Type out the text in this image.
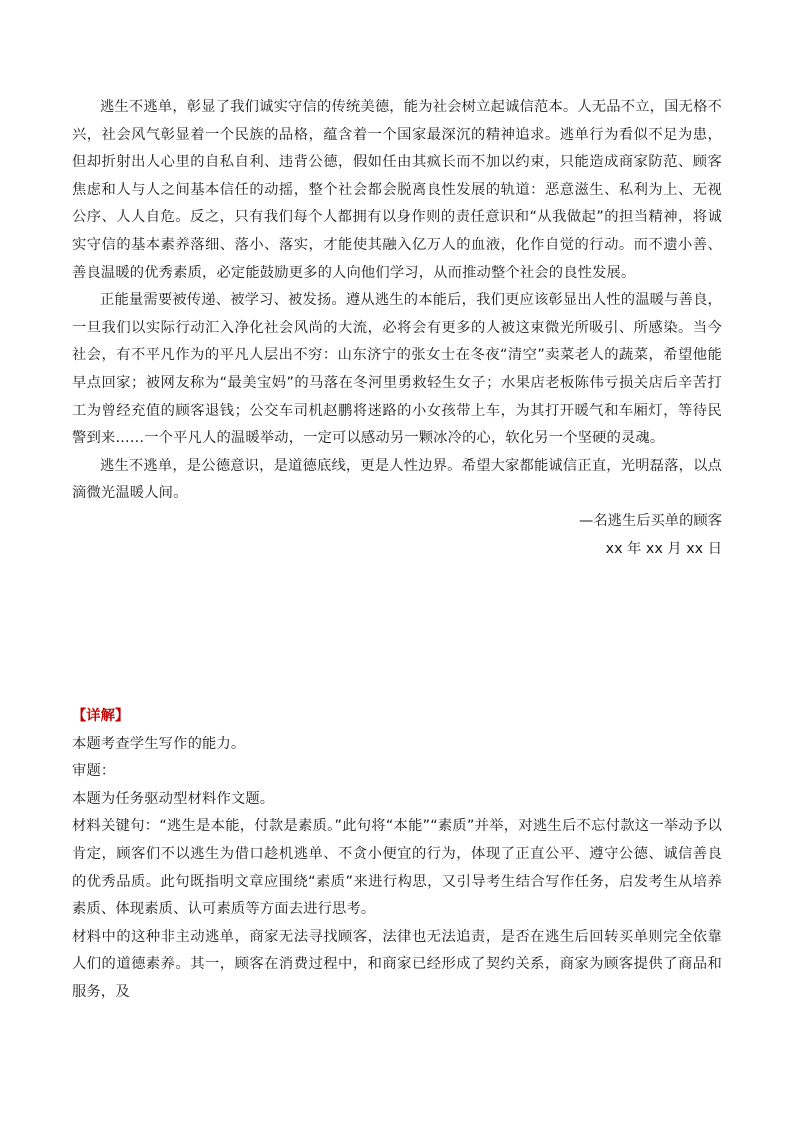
逃生不逃单，彰显了我们诚实守信的传统美德，能为社会树立起诚信范本。人无品不立，国无格不兴，社会风气彰显着一个民族的品格，蕴含着一个国家最深沉的精神追求。逃单行为看似不足为患，但却折射出人心里的自私自利、违背公德，假如任由其疯长而不加以约束，只能造成商家防范、顾客焦虑和人与人之间基本信任的动摇，整个社会都会脱离良性发展的轨道：恶意滋生、私利为上、无视公序、人人自危。反之，只有我们每个人都拥有以身作则的责任意识和“从我做起”的担当精神，将诚实守信的基本素养落细、落小、落实，才能使其融入亿万人的血液，化作自觉的行动。而不遗小善、善良温暖的优秀素质，必定能鼓励更多的人向他们学习，从而推动整个社会的良性发展。

正能量需要被传递、被学习、被发扬。遵从逃生的本能后，我们更应该彰显出人性的温暖与善良，一旦我们以实际行动汇入净化社会风尚的大流，必将会有更多的人被这束微光所吸引、所感染。当今社会，有不平凡作为的平凡人层出不穷：山东济宁的张女士在冬夜“清空”卖菜老人的蔬菜，希望他能早点回家；被网友称为“最美宝妈”的马落在冬河里勇救轻生女子；水果店老板陈伟亏损关店后辛苦打工为曾经充值的顾客退钱；公交车司机赵鹏将迷路的小女孩带上车，为其打开暖气和车厢灯，等待民警到来……一个平凡人的温暖举动，一定可以感动另一颗冰冷的心，软化另一个坚硬的灵魂。

逃生不逃单，是公德意识，是道德底线，更是人性边界。希望大家都能诚信正直，光明磊落，以点滴微光温暖人间。

—名逃生后买单的顾客

xx 年 xx 月 xx 日

【详解】

本题考查学生写作的能力。

审题：

本题为任务驱动型材料作文题。

材料关键句：“逃生是本能，付款是素质。”此句将“本能”“素质”并举，对逃生后不忘付款这一举动予以肯定，顾客们不以逃生为借口趁机逃单、不贪小便宜的行为，体现了正直公平、遵守公德、诚信善良的优秀品质。此句既指明文章应围绕“素质”来进行构思，又引导考生结合写作任务，启发考生从培养素质、体现素质、认可素质等方面去进行思考。

材料中的这种非主动逃单，商家无法寻找顾客，法律也无法追责，是否在逃生后回转买单则完全依靠人们的道德素养。其一，顾客在消费过程中，和商家已经形成了契约关系，商家为顾客提供了商品和服务，及
